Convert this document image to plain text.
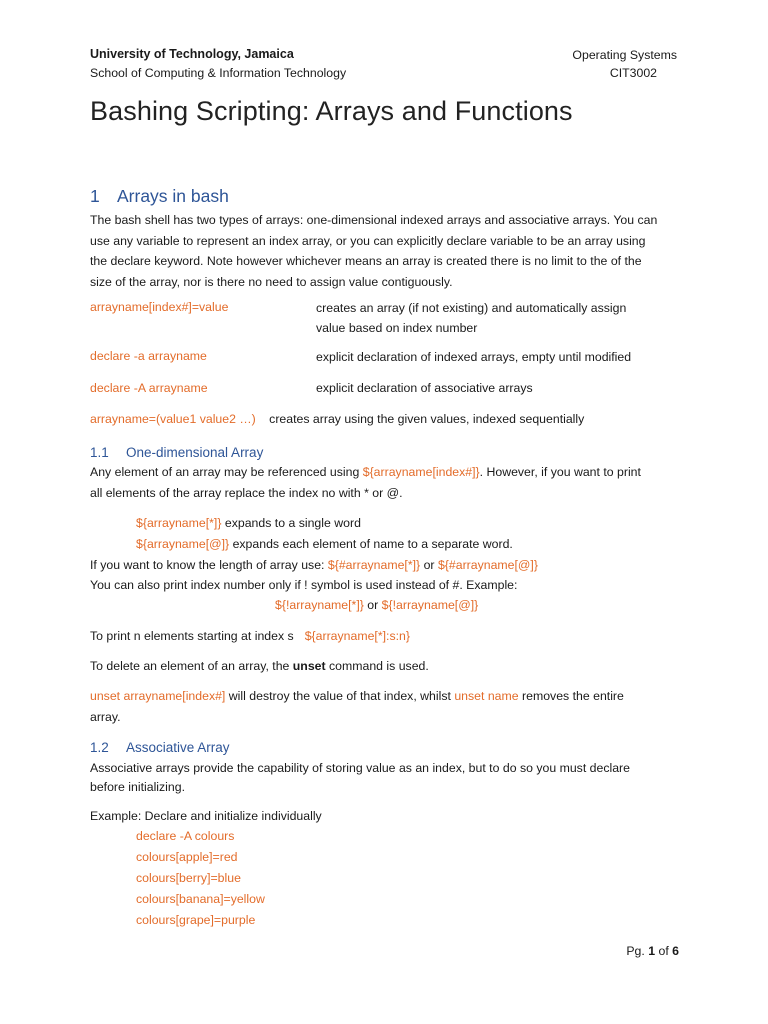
University of Technology, Jamaica
School of Computing & Information Technology
Operating Systems
CIT3002
Bashing Scripting: Arrays and Functions
1 Arrays in bash
The bash shell has two types of arrays: one-dimensional indexed arrays and associative arrays. You can
use any variable to represent an index array, or you can explicitly declare variable to be an array using
the declare keyword. Note however whichever means an array is created there is no limit to the of the
size of the array, nor is there no need to assign value contiguously.
arrayname[index#]=value	creates an array (if not existing) and automatically assign
value based on index number
declare -a arrayname	explicit declaration of indexed arrays, empty until modified
declare -A arrayname	explicit declaration of associative arrays
arrayname=(value1 value2 …) creates array using the given values, indexed sequentially
1.1 One-dimensional Array
Any element of an array may be referenced using ${arrayname[index#]}. However, if you want to print
all elements of the array replace the index no with * or @.
${arrayname[*]} expands to a single word
${arrayname[@]} expands each element of name to a separate word.
If you want to know the length of array use: ${#arrayname[*]} or ${#arrayname[@]}
You can also print index number only if ! symbol is used instead of #. Example:
${!arrayname[*]} or ${!arrayname[@]}
To print n elements starting at index s ${arrayname[*]:s:n}
To delete an element of an array, the unset command is used.
unset arrayname[index#] will destroy the value of that index, whilst unset name removes the entire
array.
1.2 Associative Array
Associative arrays provide the capability of storing value as an index, but to do so you must declare
before initializing.
Example: Declare and initialize individually
declare -A colours
colours[apple]=red
colours[berry]=blue
colours[banana]=yellow
colours[grape]=purple
Pg. 1 of 6
